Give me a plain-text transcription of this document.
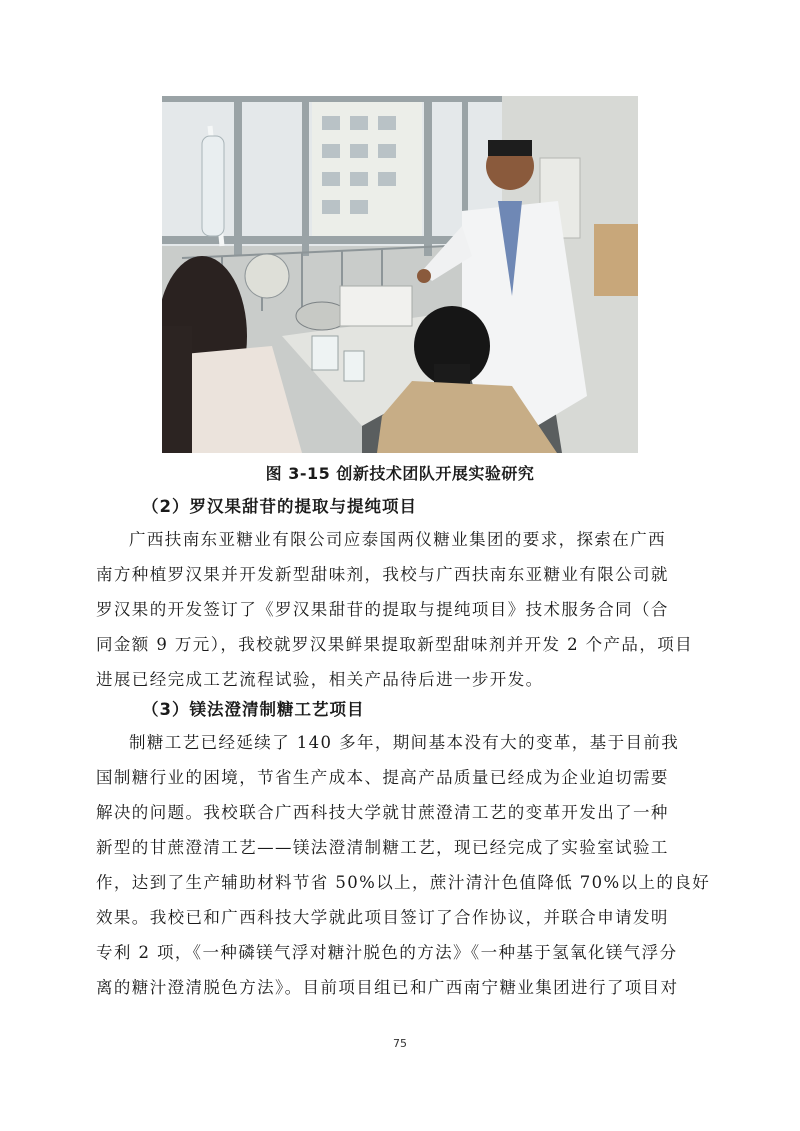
图 3-15 创新技术团队开展实验研究
（2）罗汉果甜苷的提取与提纯项目
广西扶南东亚糖业有限公司应泰国两仪糖业集团的要求，探索在广西
南方种植罗汉果并开发新型甜味剂，我校与广西扶南东亚糖业有限公司就
罗汉果的开发签订了《罗汉果甜苷的提取与提纯项目》技术服务合同（合
同金额 9 万元），我校就罗汉果鲜果提取新型甜味剂并开发 2 个产品，项目
进展已经完成工艺流程试验，相关产品待后进一步开发。
（3）镁法澄清制糖工艺项目
制糖工艺已经延续了 140 多年，期间基本没有大的变革，基于目前我
国制糖行业的困境，节省生产成本、提高产品质量已经成为企业迫切需要
解决的问题。我校联合广西科技大学就甘蔗澄清工艺的变革开发出了一种
新型的甘蔗澄清工艺——镁法澄清制糖工艺，现已经完成了实验室试验工
作，达到了生产辅助材料节省 50%以上，蔗汁清汁色值降低 70%以上的良好
效果。我校已和广西科技大学就此项目签订了合作协议，并联合申请发明
专利 2 项，《一种磷镁气浮对糖汁脱色的方法》《一种基于氢氧化镁气浮分
离的糖汁澄清脱色方法》。目前项目组已和广西南宁糖业集团进行了项目对
75
